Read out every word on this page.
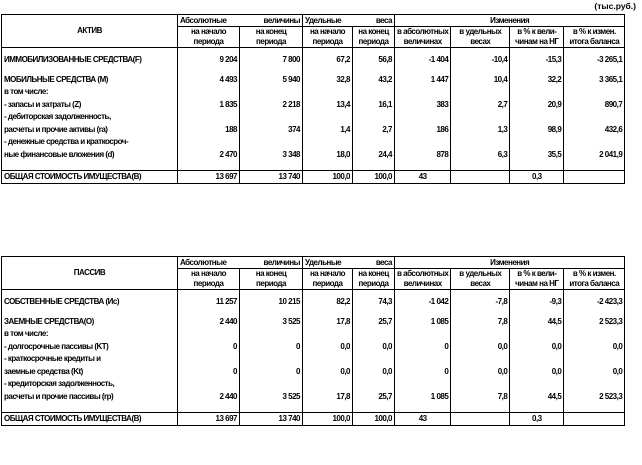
(тыс.руб.)
АКТИВ	Абсолютные величины		Удельные веса		Изменения			
	на начало	на конец	на начало	на конец	в абсолютных	в удельных	в % к вели-	в % к измен.
	периода	периода	периода	периода	величинах	весах	чинам на НГ	итога баланса
ИММОБИЛИЗОВАННЫЕ СРЕДСТВА(F)	9 204	7 800	67,2	56,8	-1 404	-10,4	-15,3	-3 265,1
МОБИЛЬНЫЕ СРЕДСТВА (M)	4 493	5 940	32,8	43,2	1 447	10,4	32,2	3 365,1
в том числе:								
- запасы и затраты (Z)	1 835	2 218	13,4	16,1	383	2,7	20,9	890,7
- дебиторская задолженность,								
расчеты и прочие активы (ra)	188	374	1,4	2,7	186	1,3	98,9	432,6
- денежные средства и краткосроч-								
ные финансовые вложения (d)	2 470	3 348	18,0	24,4	878	6,3	35,5	2 041,9

ОБЩАЯ СТОИМОСТЬ ИМУЩЕСТВА(B)	13 697	13 740	100,0	100,0	43		0,3	
ПАССИВ	Абсолютные величины		Удельные веса		Изменения			
	на начало	на конец	на начало	на конец	в абсолютных	в удельных	в % к вели-	в % к измен.
	периода	периода	периода	периода	величинах	весах	чинам на НГ	итога баланса
СОБСТВЕННЫЕ СРЕДСТВА (Ис)	11 257	10 215	82,2	74,3	-1 042	-7,8	-9,3	-2 423,3
ЗАЕМНЫЕ СРЕДСТВА(O)	2 440	3 525	17,8	25,7	1 085	7,8	44,5	2 523,3
в том числе:								
- долгосрочные пассивы (KT)	0	0	0,0	0,0	0	0,0	0,0	0,0
- краткосрочные кредиты и								
заемные средства (Kt)	0	0	0,0	0,0	0	0,0	0,0	0,0
- кредиторская задолженность,								
расчеты и прочие пассивы (rp)	2 440	3 525	17,8	25,7	1 085	7,8	44,5	2 523,3

ОБЩАЯ СТОИМОСТЬ ИМУЩЕСТВА(B)	13 697	13 740	100,0	100,0	43		0,3	
